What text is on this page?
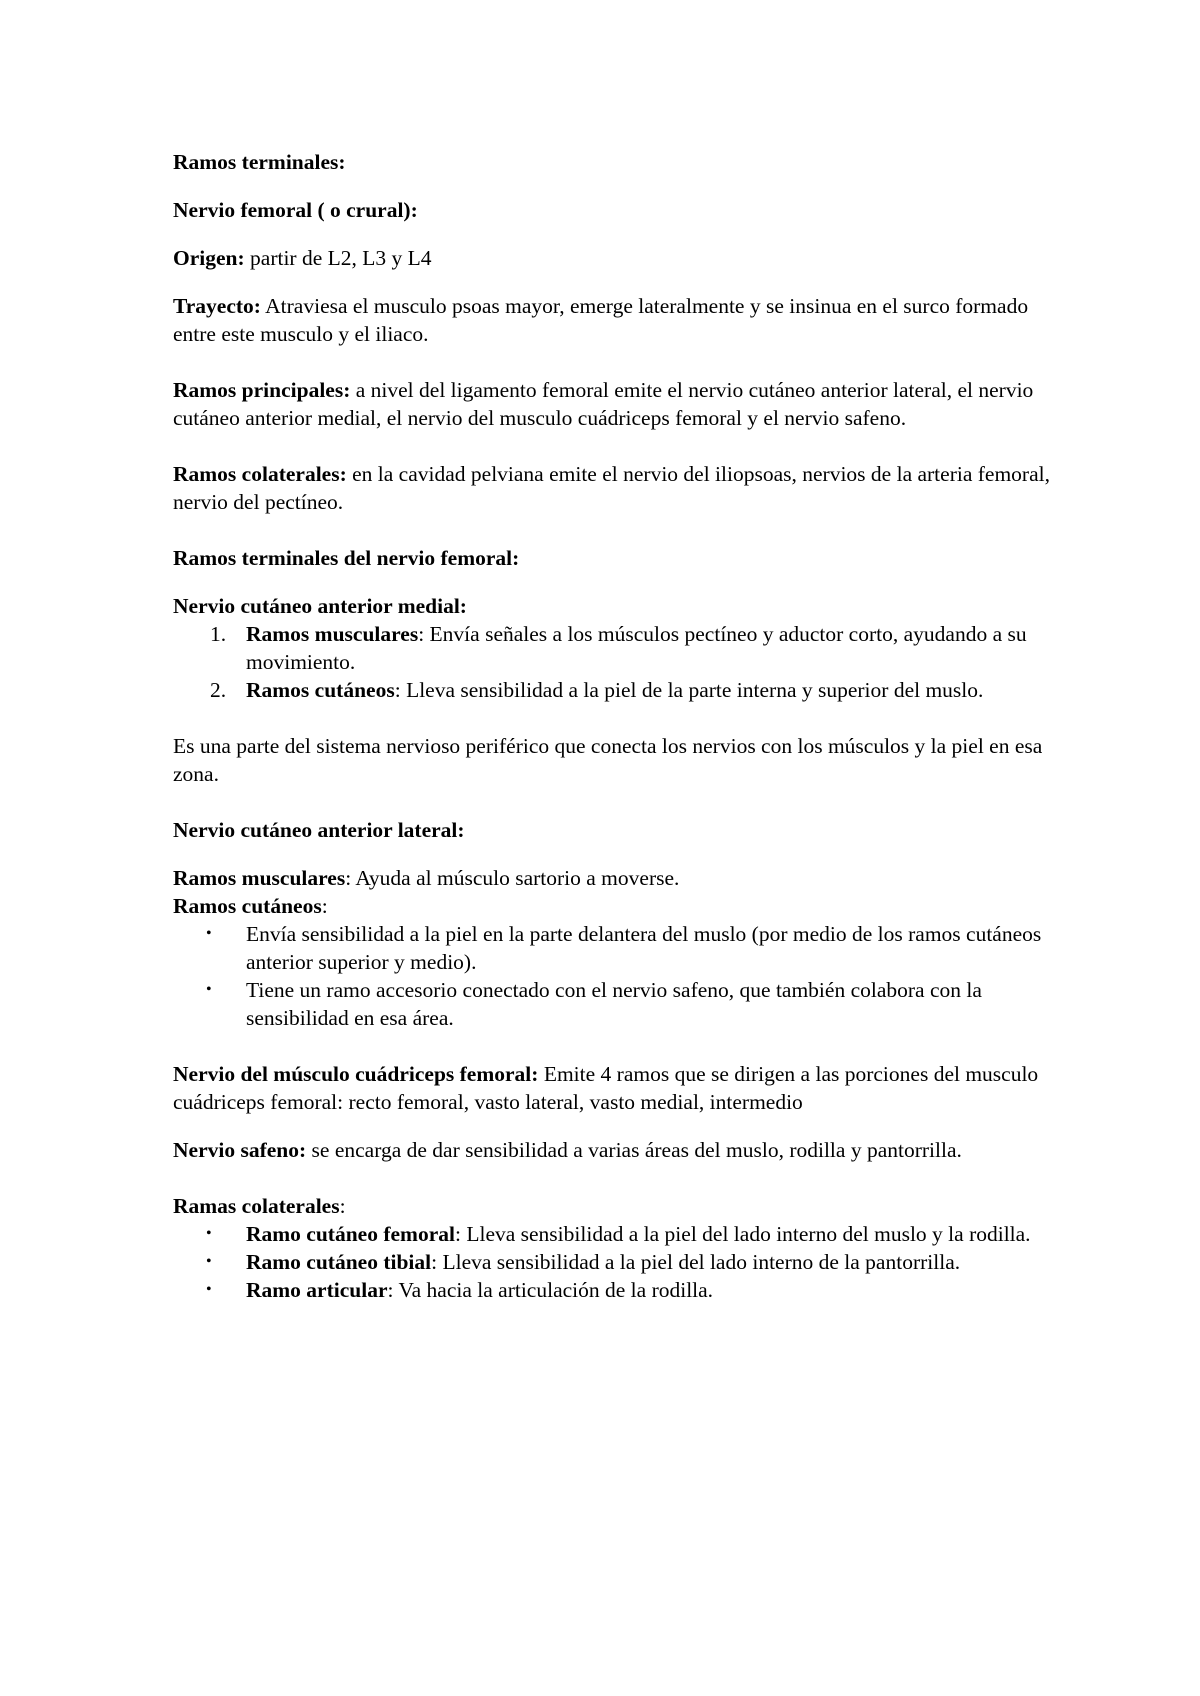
Ramos terminales:

Nervio femoral ( o crural):

Origen: partir de L2, L3 y L4

Trayecto: Atraviesa el musculo psoas mayor, emerge lateralmente y se insinua en el surco formado entre este musculo y el iliaco.

Ramos principales: a nivel del ligamento femoral emite el nervio cutáneo anterior lateral, el nervio cutáneo anterior medial, el nervio del musculo cuádriceps femoral y el nervio safeno.

Ramos colaterales: en la cavidad pelviana emite el nervio del iliopsoas, nervios de la arteria femoral, nervio del pectíneo.

Ramos terminales del nervio femoral:

Nervio cutáneo anterior medial:

1. Ramos musculares: Envía señales a los músculos pectíneo y aductor corto, ayudando a su movimiento.
2. Ramos cutáneos: Lleva sensibilidad a la piel de la parte interna y superior del muslo.

Es una parte del sistema nervioso periférico que conecta los nervios con los músculos y la piel en esa zona.

Nervio cutáneo anterior lateral:

Ramos musculares: Ayuda al músculo sartorio a moverse.

Ramos cutáneos:

• Envía sensibilidad a la piel en la parte delantera del muslo (por medio de los ramos cutáneos anterior superior y medio).
• Tiene un ramo accesorio conectado con el nervio safeno, que también colabora con la sensibilidad en esa área.

Nervio del músculo cuádriceps femoral: Emite 4 ramos que se dirigen a las porciones del musculo cuádriceps femoral: recto femoral, vasto lateral, vasto medial, intermedio

Nervio safeno: se encarga de dar sensibilidad a varias áreas del muslo, rodilla y pantorrilla.

Ramas colaterales:

• Ramo cutáneo femoral: Lleva sensibilidad a la piel del lado interno del muslo y la rodilla.
• Ramo cutáneo tibial: Lleva sensibilidad a la piel del lado interno de la pantorrilla.
• Ramo articular: Va hacia la articulación de la rodilla.
